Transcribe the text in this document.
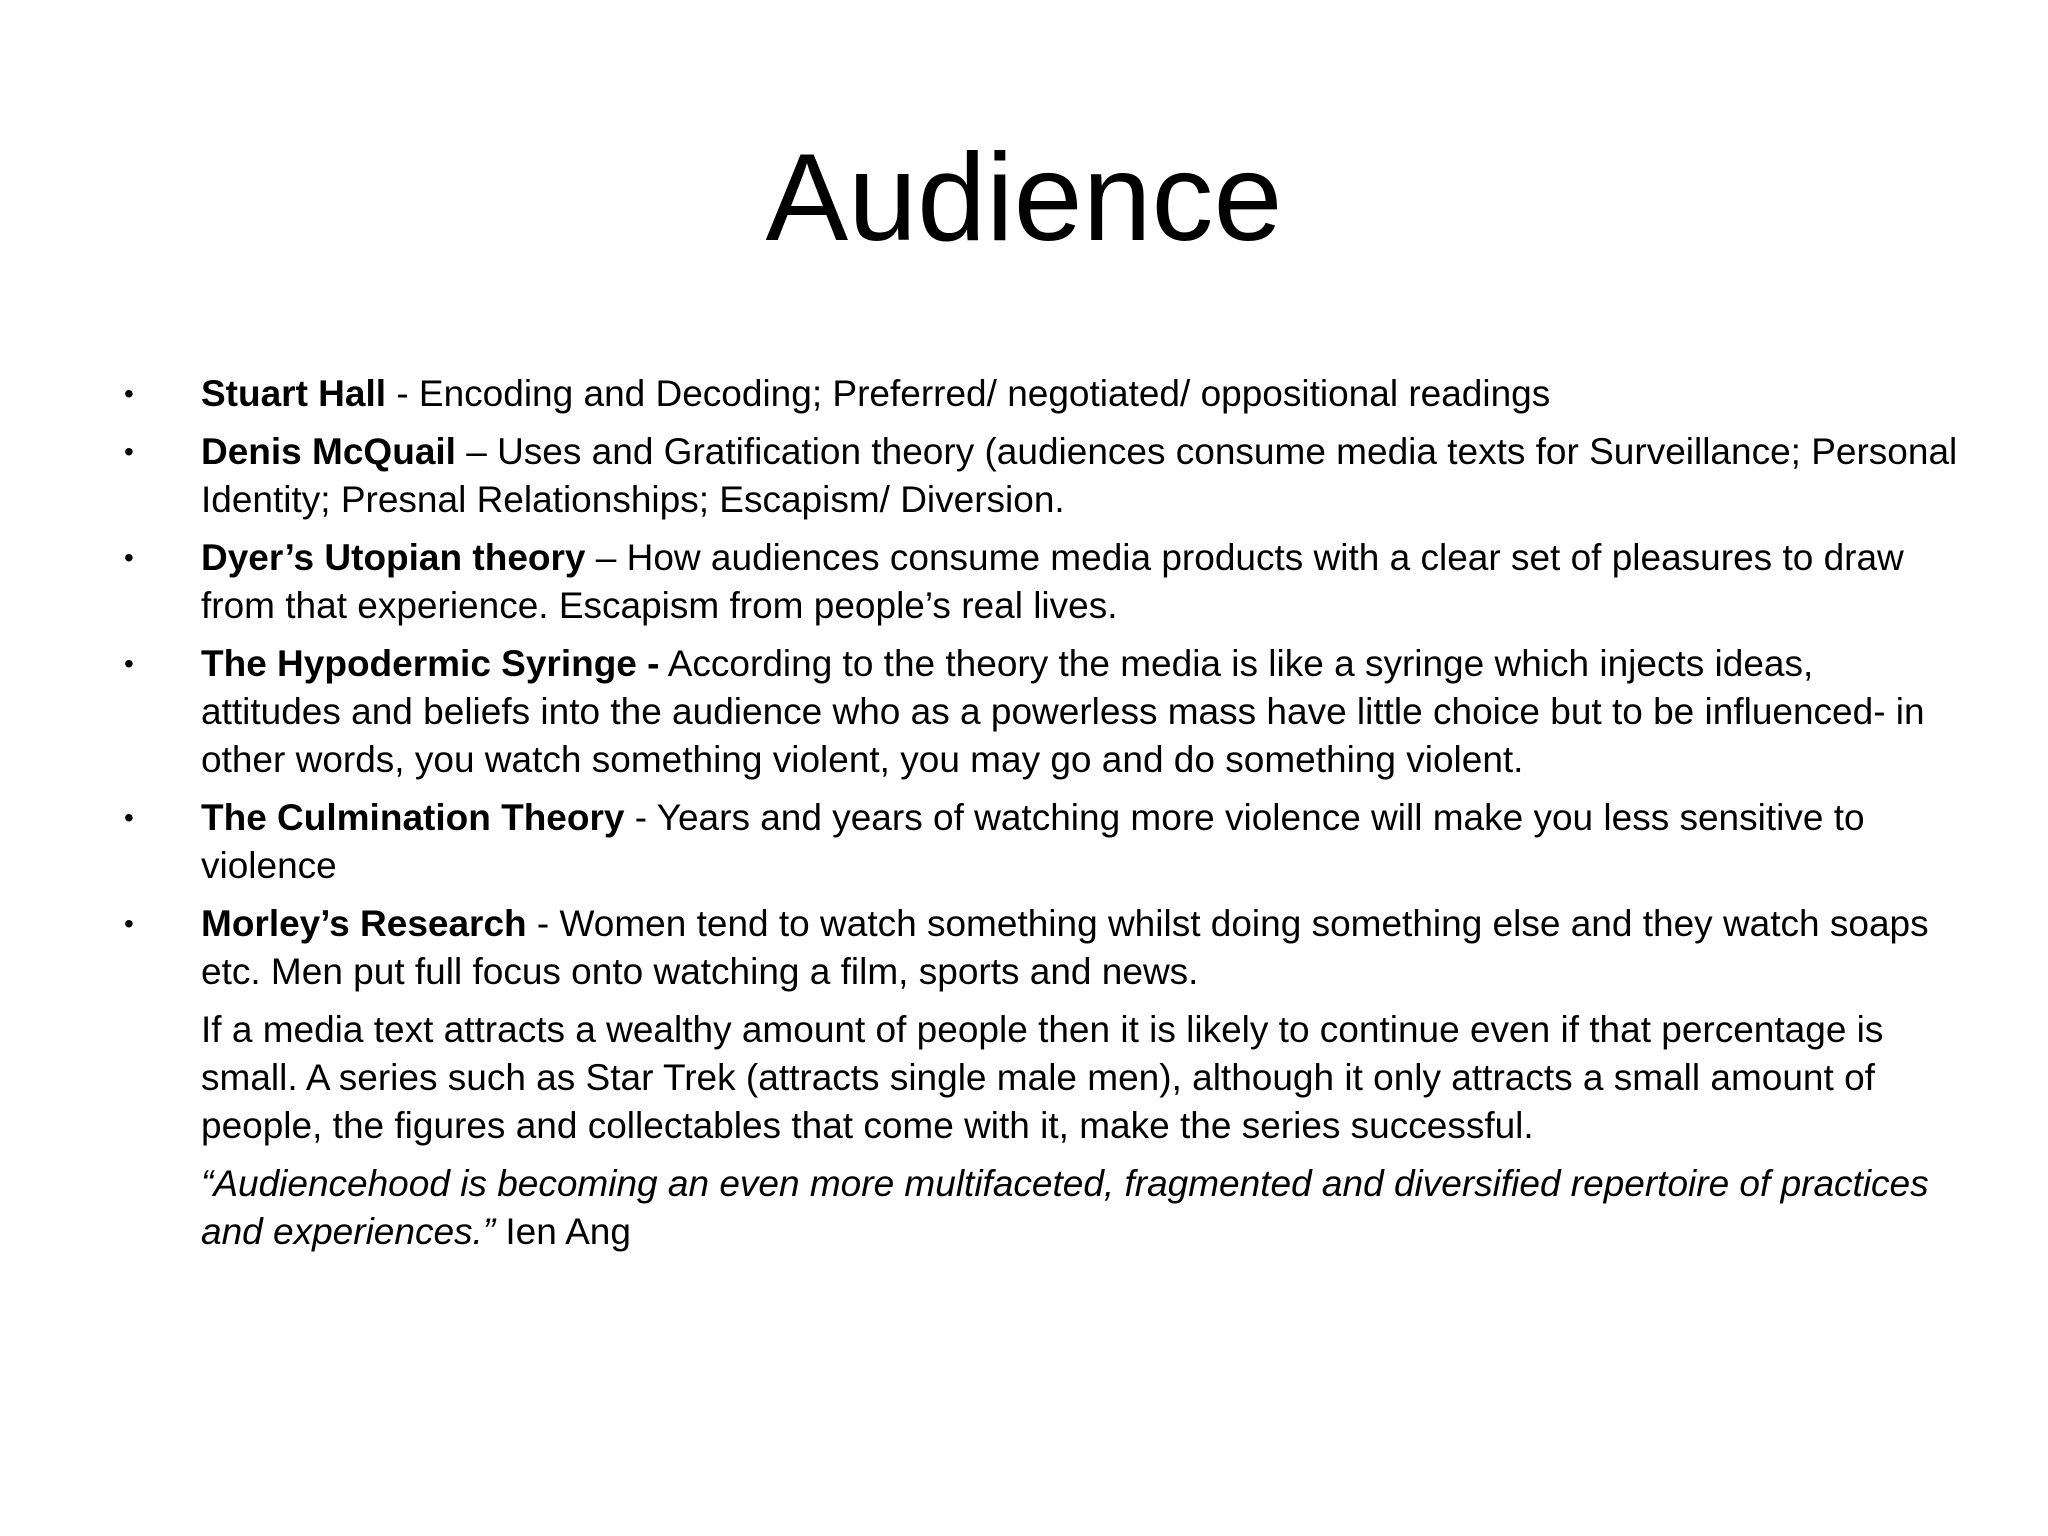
Audience
• Stuart Hall - Encoding and Decoding; Preferred/ negotiated/ oppositional readings
• Denis McQuail – Uses and Gratification theory (audiences consume media texts for Surveillance; Personal Identity; Presnal Relationships; Escapism/ Diversion.
• Dyer’s Utopian theory – How audiences consume media products with a clear set of pleasures to draw from that experience. Escapism from people’s real lives.
• The Hypodermic Syringe - According to the theory the media is like a syringe which injects ideas, attitudes and beliefs into the audience who as a powerless mass have little choice but to be influenced- in other words, you watch something violent, you may go and do something violent.
• The Culmination Theory - Years and years of watching more violence will make you less sensitive to violence
• Morley’s Research - Women tend to watch something whilst doing something else and they watch soaps etc. Men put full focus onto watching a film, sports and news.
If a media text attracts a wealthy amount of people then it is likely to continue even if that percentage is small. A series such as Star Trek (attracts single male men), although it only attracts a small amount of people, the figures and collectables that come with it, make the series successful.
“Audiencehood is becoming an even more multifaceted, fragmented and diversified repertoire of practices and experiences.” Ien Ang
